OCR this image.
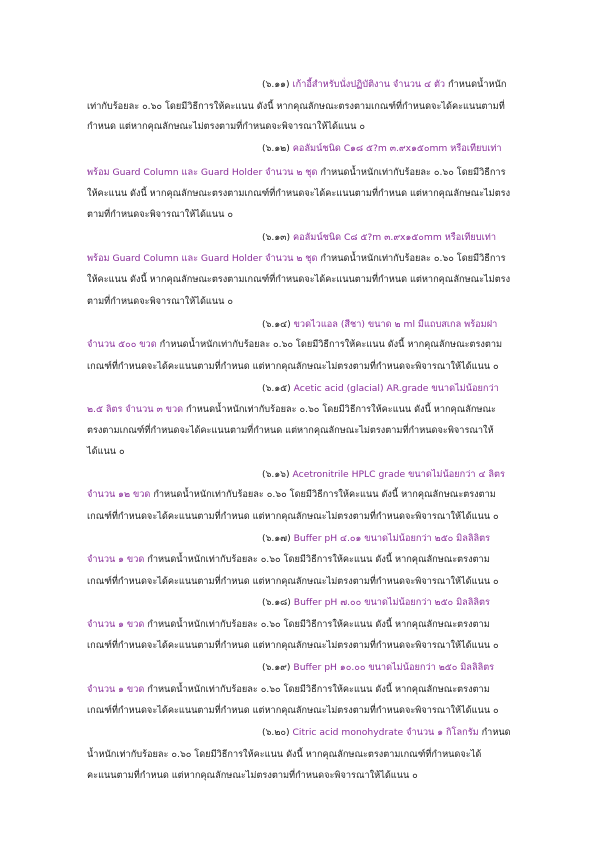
(๖.๑๑) เก้าอี้สำหรับนั่งปฏิบัติงาน จำนวน ๔ ตัว กำหนดน้ำหนัก
เท่ากับร้อยละ ๐.๖๐ โดยมีวิธีการให้คะแนน ดังนี้ หากคุณลักษณะตรงตามเกณฑ์ที่กำหนดจะได้คะแนนตามที่
กำหนด แต่หากคุณลักษณะไม่ตรงตามที่กำหนดจะพิจารณาให้ได้แนน ๐
(๖.๑๒) คอลัมน์ชนิด C๑๘ ๕?m ๓.๙x๑๕๐mm หรือเทียบเท่า
พร้อม Guard Column และ Guard Holder จำนวน ๒ ชุด กำหนดน้ำหนักเท่ากับร้อยละ ๐.๖๐ โดยมีวิธีการ
ให้คะแนน ดังนี้ หากคุณลักษณะตรงตามเกณฑ์ที่กำหนดจะได้คะแนนตามที่กำหนด แต่หากคุณลักษณะไม่ตรง
ตามที่กำหนดจะพิจารณาให้ได้แนน ๐
(๖.๑๓) คอลัมน์ชนิด C๘ ๕?m ๓.๙x๑๕๐mm หรือเทียบเท่า
พร้อม Guard Column และ Guard Holder จำนวน ๒ ชุด กำหนดน้ำหนักเท่ากับร้อยละ ๐.๖๐ โดยมีวิธีการ
ให้คะแนน ดังนี้ หากคุณลักษณะตรงตามเกณฑ์ที่กำหนดจะได้คะแนนตามที่กำหนด แต่หากคุณลักษณะไม่ตรง
ตามที่กำหนดจะพิจารณาให้ได้แนน ๐
(๖.๑๔) ขวดไวแอล (สีชา) ขนาด ๒ ml มีแถบสเกล พร้อมฝา
จำนวน ๕๐๐ ขวด กำหนดน้ำหนักเท่ากับร้อยละ ๐.๖๐ โดยมีวิธีการให้คะแนน ดังนี้ หากคุณลักษณะตรงตาม
เกณฑ์ที่กำหนดจะได้คะแนนตามที่กำหนด แต่หากคุณลักษณะไม่ตรงตามที่กำหนดจะพิจารณาให้ได้แนน ๐
(๖.๑๕) Acetic acid (glacial) AR.grade ขนาดไม่น้อยกว่า
๒.๕ ลิตร จำนวน ๓ ขวด กำหนดน้ำหนักเท่ากับร้อยละ ๐.๖๐ โดยมีวิธีการให้คะแนน ดังนี้ หากคุณลักษณะ
ตรงตามเกณฑ์ที่กำหนดจะได้คะแนนตามที่กำหนด แต่หากคุณลักษณะไม่ตรงตามที่กำหนดจะพิจารณาให้
ได้แนน ๐
(๖.๑๖) Acetronitrile HPLC grade ขนาดไม่น้อยกว่า ๔ ลิตร
จำนวน ๑๒ ขวด กำหนดน้ำหนักเท่ากับร้อยละ ๐.๖๐ โดยมีวิธีการให้คะแนน ดังนี้ หากคุณลักษณะตรงตาม
เกณฑ์ที่กำหนดจะได้คะแนนตามที่กำหนด แต่หากคุณลักษณะไม่ตรงตามที่กำหนดจะพิจารณาให้ได้แนน ๐
(๖.๑๗) Buffer pH ๔.๐๑ ขนาดไม่น้อยกว่า ๒๕๐ มิลลิลิตร
จำนวน ๑ ขวด กำหนดน้ำหนักเท่ากับร้อยละ ๐.๖๐ โดยมีวิธีการให้คะแนน ดังนี้ หากคุณลักษณะตรงตาม
เกณฑ์ที่กำหนดจะได้คะแนนตามที่กำหนด แต่หากคุณลักษณะไม่ตรงตามที่กำหนดจะพิจารณาให้ได้แนน ๐
(๖.๑๘) Buffer pH ๗.๐๐ ขนาดไม่น้อยกว่า ๒๕๐ มิลลิลิตร
จำนวน ๑ ขวด กำหนดน้ำหนักเท่ากับร้อยละ ๐.๖๐ โดยมีวิธีการให้คะแนน ดังนี้ หากคุณลักษณะตรงตาม
เกณฑ์ที่กำหนดจะได้คะแนนตามที่กำหนด แต่หากคุณลักษณะไม่ตรงตามที่กำหนดจะพิจารณาให้ได้แนน ๐
(๖.๑๙) Buffer pH ๑๐.๐๐ ขนาดไม่น้อยกว่า ๒๕๐ มิลลิลิตร
จำนวน ๑ ขวด กำหนดน้ำหนักเท่ากับร้อยละ ๐.๖๐ โดยมีวิธีการให้คะแนน ดังนี้ หากคุณลักษณะตรงตาม
เกณฑ์ที่กำหนดจะได้คะแนนตามที่กำหนด แต่หากคุณลักษณะไม่ตรงตามที่กำหนดจะพิจารณาให้ได้แนน ๐
(๖.๒๐) Citric acid monohydrate จำนวน ๑ กิโลกรัม กำหนด
น้ำหนักเท่ากับร้อยละ ๐.๖๐ โดยมีวิธีการให้คะแนน ดังนี้ หากคุณลักษณะตรงตามเกณฑ์ที่กำหนดจะได้
คะแนนตามที่กำหนด แต่หากคุณลักษณะไม่ตรงตามที่กำหนดจะพิจารณาให้ได้แนน ๐
